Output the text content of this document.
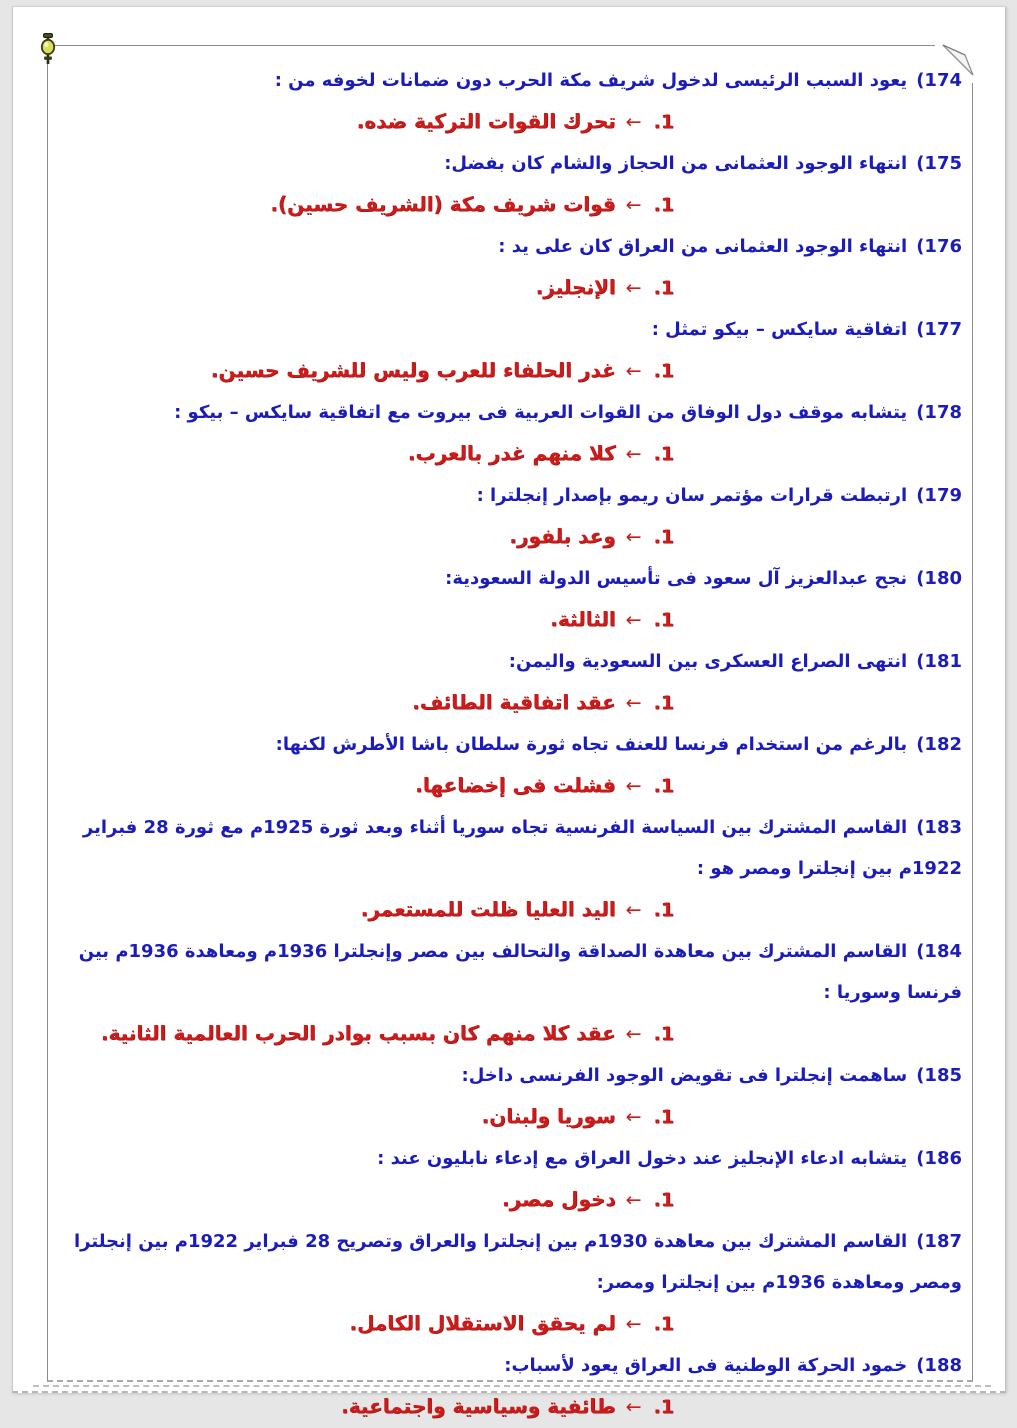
174)يعود السبب الرئيسى لدخول شريف مكة الحرب دون ضمانات لخوفه من :

1.←تحرك القوات التركية ضده.

175)انتهاء الوجود العثمانى من الحجاز والشام كان بفضل:

1.←قوات شريف مكة (الشريف حسين).

176)انتهاء الوجود العثمانى من العراق كان على يد :

1.←الإنجليز.

177)اتفاقية سايكس – بيكو تمثل :

1.←غدر الحلفاء للعرب وليس للشريف حسين.

178)يتشابه موقف دول الوفاق من القوات العربية فى بيروت مع اتفاقية سايكس – بيكو :

1.←كلا منهم غدر بالعرب.

179)ارتبطت قرارات مؤتمر سان ريمو بإصدار إنجلترا :

1.←وعد بلفور.

180)نجح عبدالعزيز آل سعود فى تأسيس الدولة السعودية:

1.←الثالثة.

181)انتهى الصراع العسكرى بين السعودية واليمن:

1.←عقد اتفاقية الطائف.

182)بالرغم من استخدام فرنسا للعنف تجاه ثورة سلطان باشا الأطرش لكنها:

1.←فشلت فى إخضاعها.

183)القاسم المشترك بين السياسة الفرنسية تجاه سوريا أثناء وبعد ثورة 1925م مع ثورة 28 فبراير 1922م بين إنجلترا ومصر هو :

1.←اليد العليا ظلت للمستعمر.

184)القاسم المشترك بين معاهدة الصداقة والتحالف بين مصر وإنجلترا 1936م ومعاهدة 1936م بين فرنسا وسوريا :

1.←عقد كلا منهم كان بسبب بوادر الحرب العالمية الثانية.

185)ساهمت إنجلترا فى تقويض الوجود الفرنسى داخل:

1.←سوريا ولبنان.

186)يتشابه ادعاء الإنجليز عند دخول العراق مع إدعاء نابليون عند :

1.←دخول مصر.

187)القاسم المشترك بين معاهدة 1930م بين إنجلترا والعراق وتصريح 28 فبراير 1922م بين إنجلترا ومصر ومعاهدة 1936م بين إنجلترا ومصر:

1.←لم يحقق الاستقلال الكامل.

188)خمود الحركة الوطنية فى العراق يعود لأسباب:

1.←طائفية وسياسية واجتماعية.
